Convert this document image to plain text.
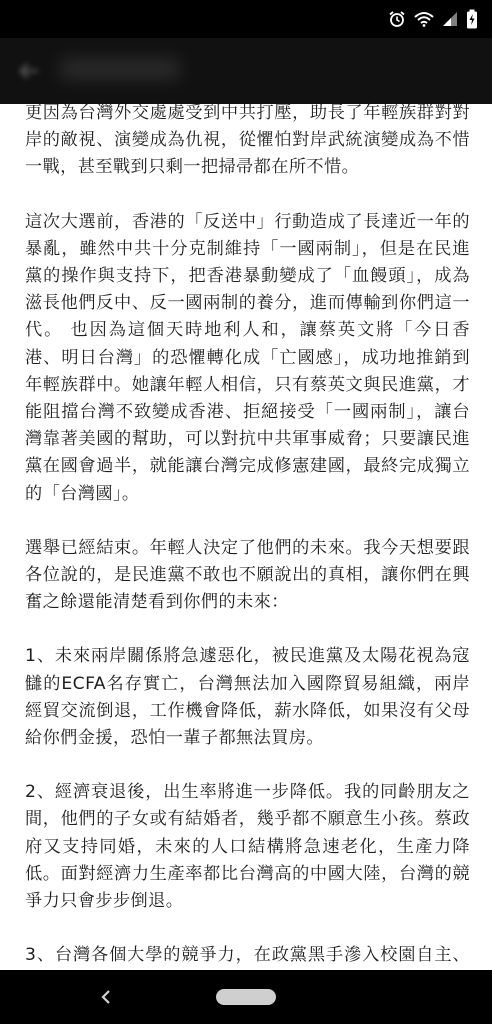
更因為台灣外交處處受到中共打壓，助長了年輕族群對對岸的敵視、演變成為仇視，從懼怕對岸武統演變成為不惜一戰，甚至戰到只剩一把掃帚都在所不惜。

這次大選前，香港的「反送中」行動造成了長達近一年的暴亂，雖然中共十分克制維持「一國兩制」，但是在民進黨的操作與支持下，把香港暴動變成了「血饅頭」，成為滋長他們反中、反一國兩制的養分，進而傳輸到你們這一代。 也因為這個天時地利人和，讓蔡英文將「今日香港、明日台灣」的恐懼轉化成「亡國感」，成功地推銷到年輕族群中。她讓年輕人相信，只有蔡英文與民進黨，才能阻擋台灣不致變成香港、拒絕接受「一國兩制」，讓台灣靠著美國的幫助，可以對抗中共軍事威脅；只要讓民進黨在國會過半，就能讓台灣完成修憲建國，最終完成獨立的「台灣國」。

選舉已經結束。年輕人決定了他們的未來。我今天想要跟各位說的，是民進黨不敢也不願說出的真相，讓你們在興奮之餘還能清楚看到你們的未來：

1、未來兩岸關係將急遽惡化，被民進黨及太陽花視為寇讎的ECFA名存實亡，台灣無法加入國際貿易組織，兩岸經貿交流倒退，工作機會降低，薪水降低，如果沒有父母給你們金援，恐怕一輩子都無法買房。

2、經濟衰退後，出生率將進一步降低。我的同齡朋友之間，他們的子女或有結婚者，幾乎都不願意生小孩。蔡政府又支持同婚，未來的人口結構將急速老化，生產力降低。面對經濟力生產率都比台灣高的中國大陸，台灣的競爭力只會步步倒退。

3、台灣各個大學的競爭力，在政黨黑手滲入校園自主、
